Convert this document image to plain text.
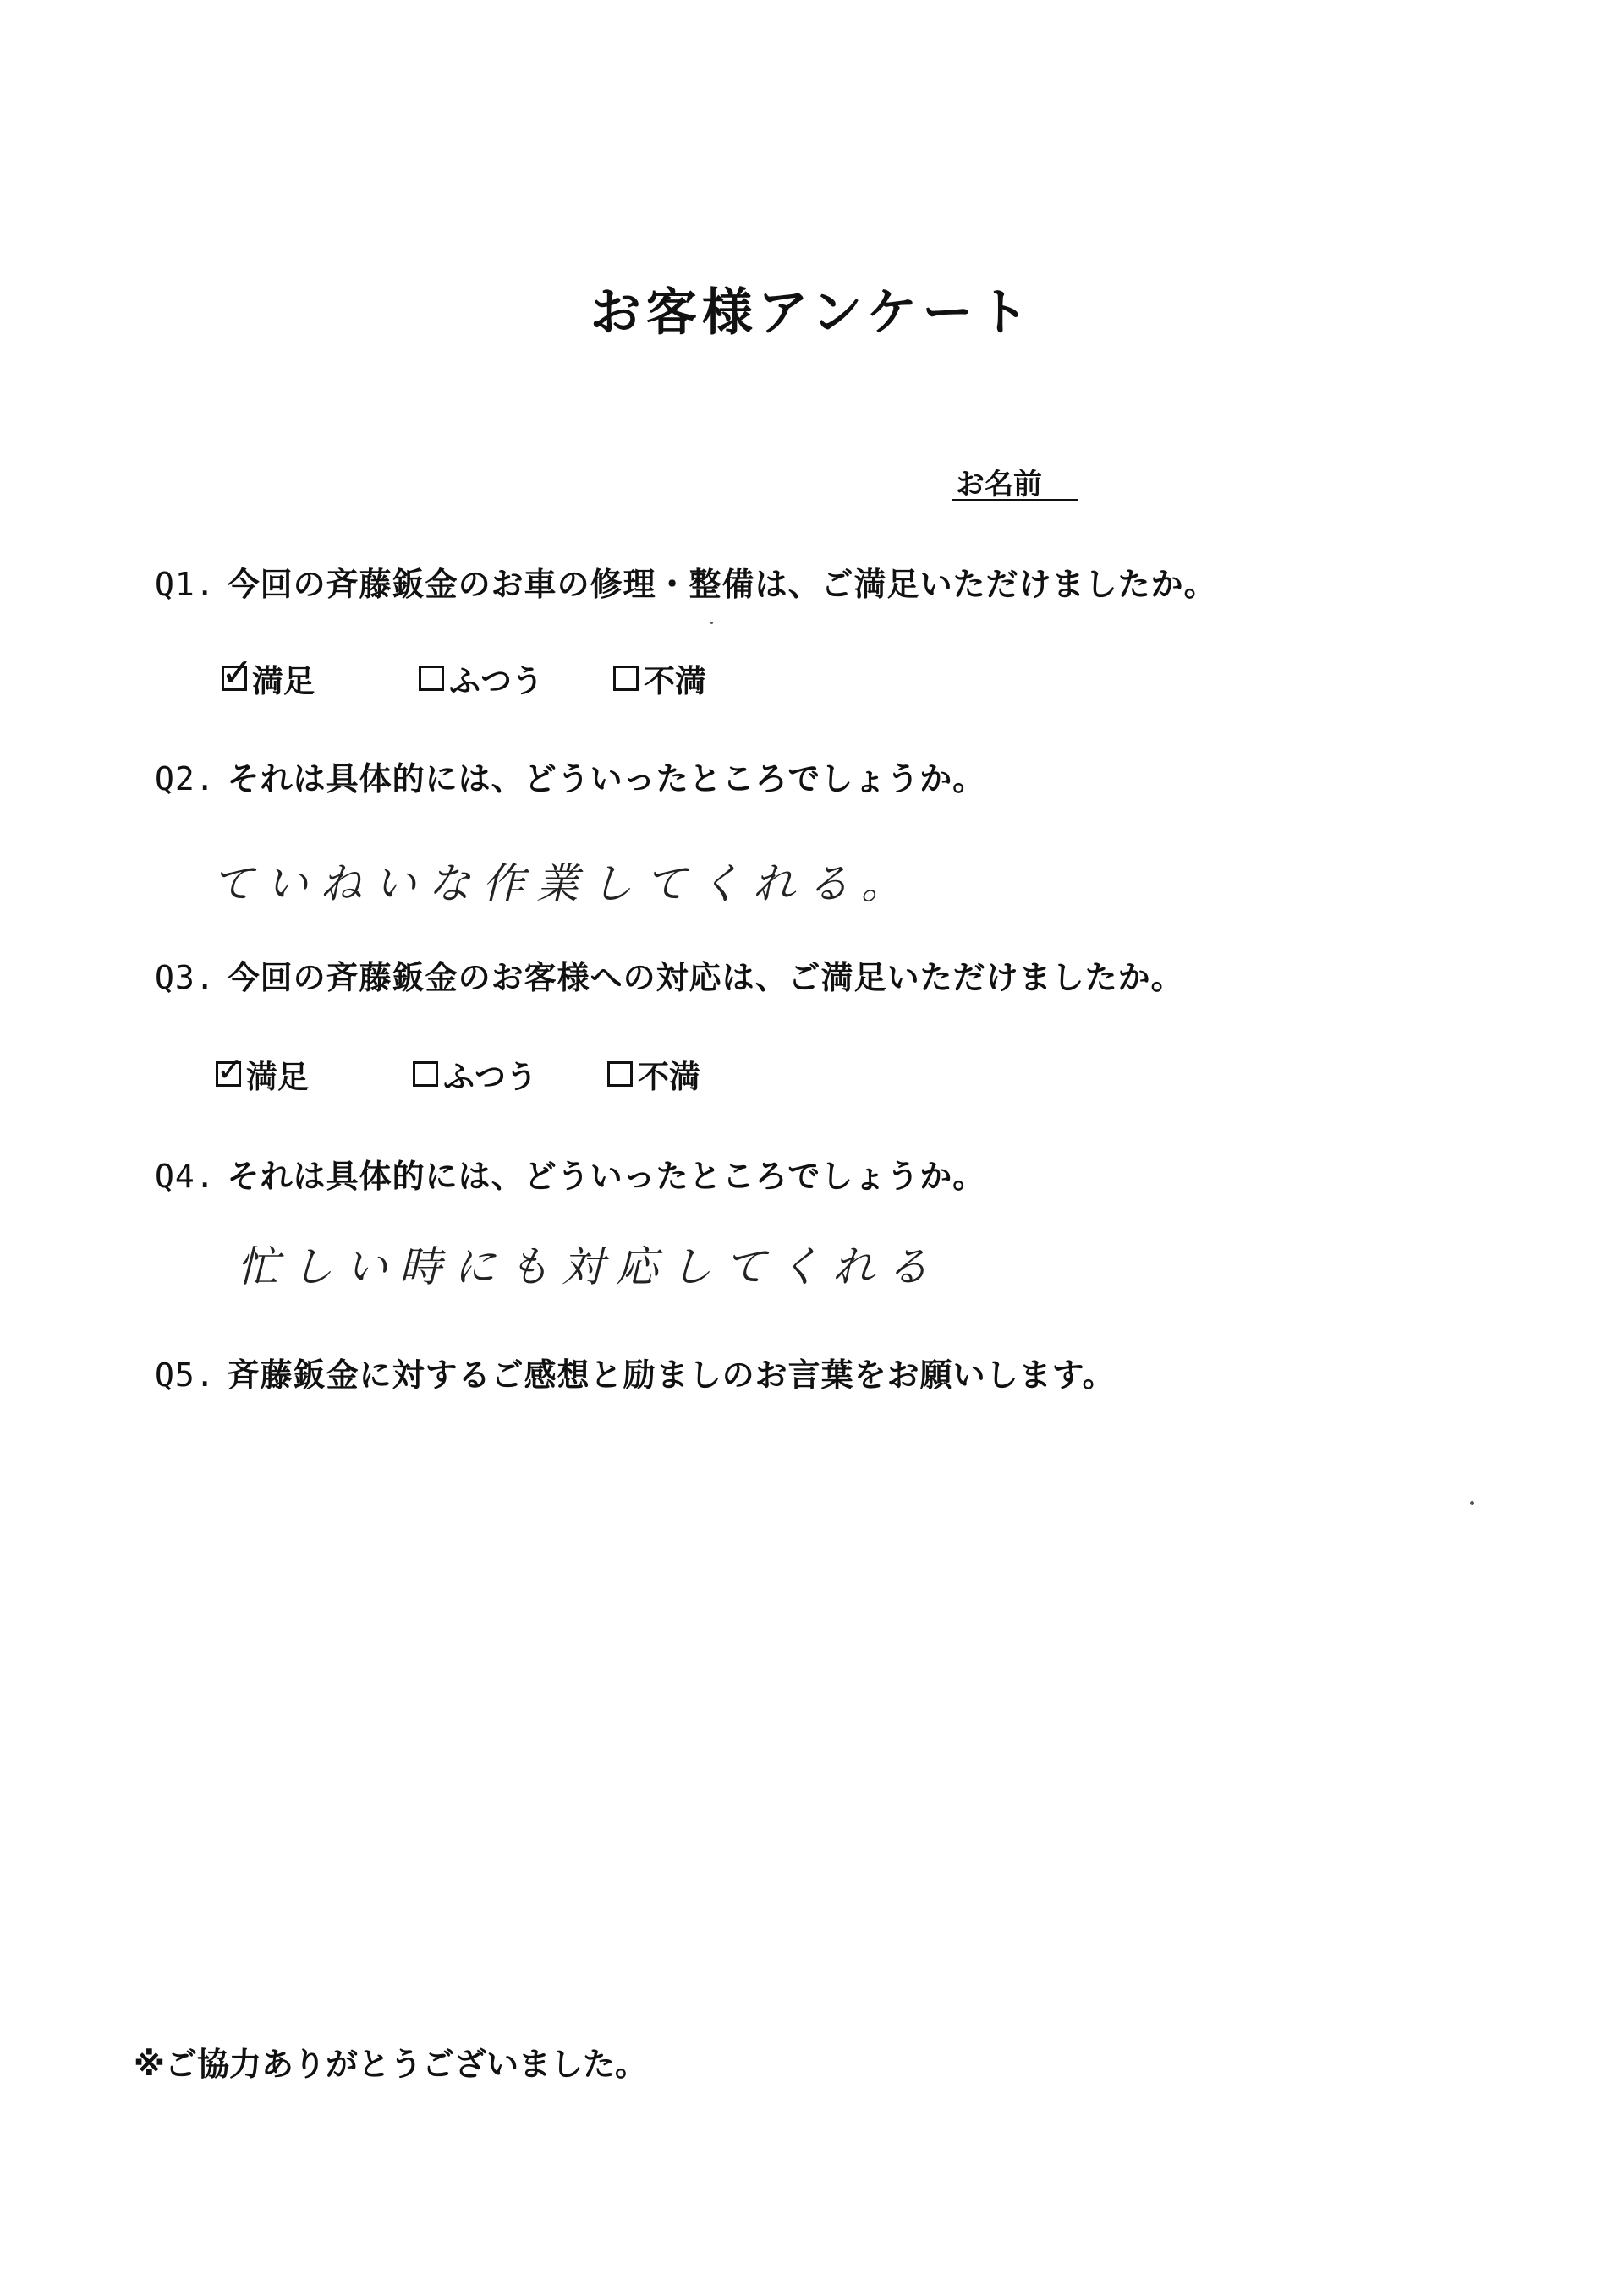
お客様アンケート
お名前
Q1. 今回の斉藤鈑金のお車の修理・整備は、ご満足いただけましたか。
✓
満足	ふつう	不満
Q2. それは具体的には、どういったところでしょうか。
ていねいな作業してくれる。
Q3. 今回の斉藤鈑金のお客様への対応は、ご満足いただけましたか。
✓ 満足	ふつう	不満
Q4. それは具体的には、どういったところでしょうか。
忙しい時にも対応してくれる
Q5. 斉藤鈑金に対するご感想と励ましのお言葉をお願いします。
※ご協力ありがとうございました。
